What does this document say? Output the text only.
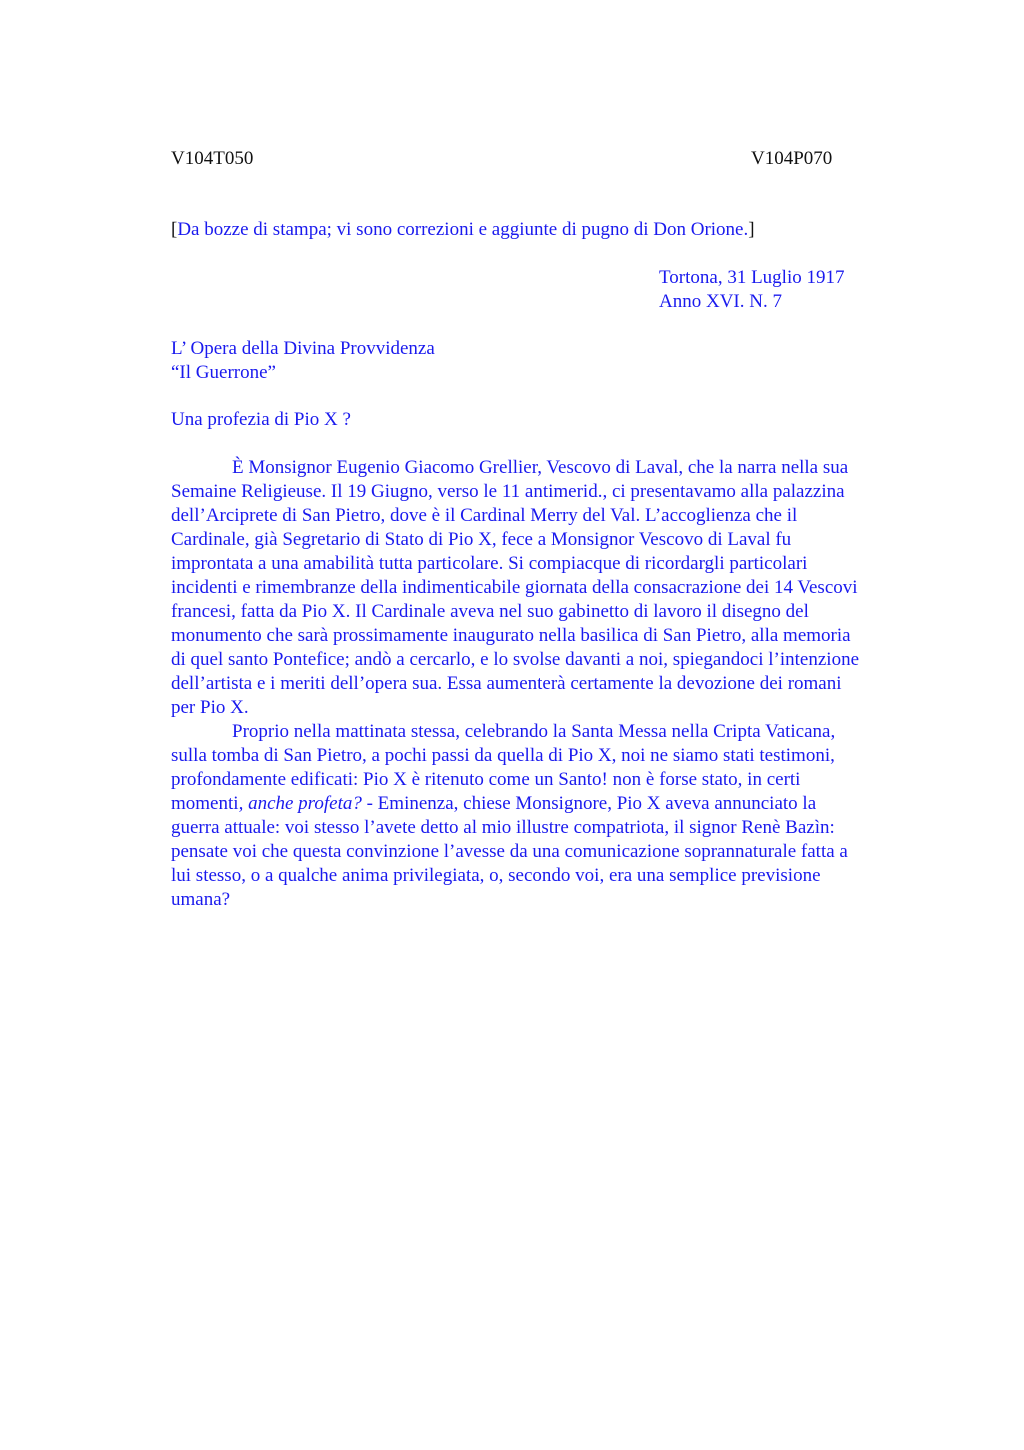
V104T050	V104P070
[Da bozze di stampa; vi sono correzioni e aggiunte di pugno di Don Orione.]
Tortona, 31 Luglio 1917
Anno XVI. N. 7
L’ Opera della Divina Provvidenza
“Il Guerrone”
Una profezia di Pio X ?

È Monsignor Eugenio Giacomo Grellier, Vescovo di Laval, che la narra nella sua
Semaine Religieuse. Il 19 Giugno, verso le 11 antimerid., ci presentavamo alla palazzina
dell’Arciprete di San Pietro, dove è il Cardinal Merry del Val. L’accoglienza che il
Cardinale, già Segretario di Stato di Pio X, fece a Monsignor Vescovo di Laval fu
improntata a una amabilità tutta particolare. Si compiacque di ricordargli particolari
incidenti e rimembranze della indimenticabile giornata della consacrazione dei 14 Vescovi
francesi, fatta da Pio X. Il Cardinale aveva nel suo gabinetto di lavoro il disegno del
monumento che sarà prossimamente inaugurato nella basilica di San Pietro, alla memoria
di quel santo Pontefice; andò a cercarlo, e lo svolse davanti a noi, spiegandoci l’intenzione
dell’artista e i meriti dell’opera sua. Essa aumenterà certamente la devozione dei romani
per Pio X.

Proprio nella mattinata stessa, celebrando la Santa Messa nella Cripta Vaticana,
sulla tomba di San Pietro, a pochi passi da quella di Pio X, noi ne siamo stati testimoni,
profondamente edificati: Pio X è ritenuto come un Santo! non è forse stato, in certi
momenti, anche profeta? - Eminenza, chiese Monsignore, Pio X aveva annunciato la
guerra attuale: voi stesso l’avete detto al mio illustre compatriota, il signor Renè Bazìn:
pensate voi che questa convinzione l’avesse da una comunicazione soprannaturale fatta a
lui stesso, o a qualche anima privilegiata, o, secondo voi, era una semplice previsione
umana?
